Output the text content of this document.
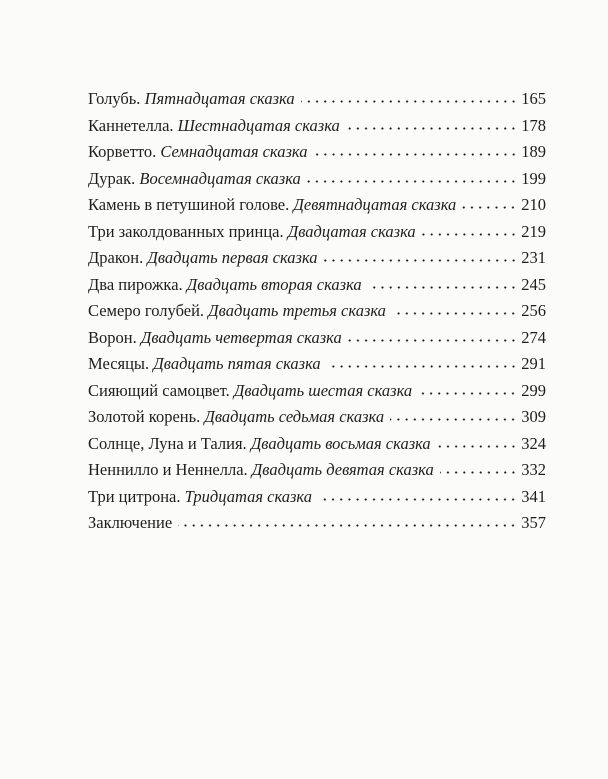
Голубь. Пятнадцатая сказка	165
Каннетелла. Шестнадцатая сказка	178
Корветто. Семнадцатая сказка	189
Дурак. Восемнадцатая сказка	199
Камень в петушиной голове. Девятнадцатая сказка	210
Три заколдованных принца. Двадцатая сказка	219
Дракон. Двадцать первая сказка	231
Два пирожка. Двадцать вторая сказка	245
Семеро голубей. Двадцать третья сказка	256
Ворон. Двадцать четвертая сказка	274
Месяцы. Двадцать пятая сказка	291
Сияющий самоцвет. Двадцать шестая сказка	299
Золотой корень. Двадцать седьмая сказка	309
Солнце, Луна и Талия. Двадцать восьмая сказка	324
Неннилло и Неннелла. Двадцать девятая сказка	332
Три цитрона. Тридцатая сказка	341
Заключение	357
